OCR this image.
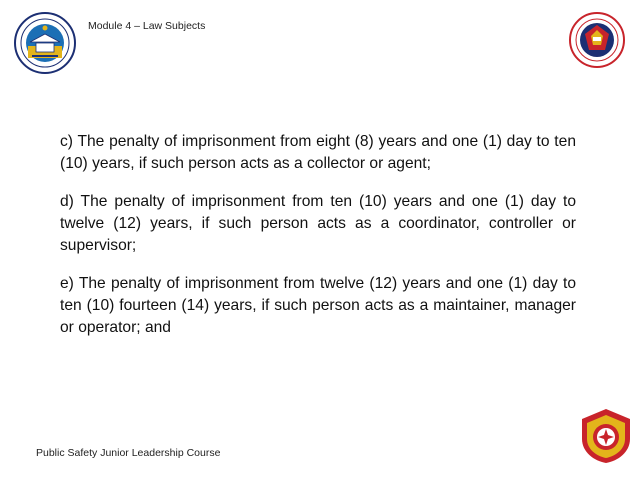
Module 4 – Law Subjects

c) The penalty of imprisonment from eight (8) years and one (1) day to ten (10) years, if such person acts as a collector or agent;

d) The penalty of imprisonment from ten (10) years and one (1) day to twelve (12) years, if such person acts as a coordinator, controller or supervisor;

e) The penalty of imprisonment from twelve (12) years and one (1) day to ten (10) fourteen (14) years, if such person acts as a maintainer, manager or operator; and

Public Safety Junior Leadership Course
